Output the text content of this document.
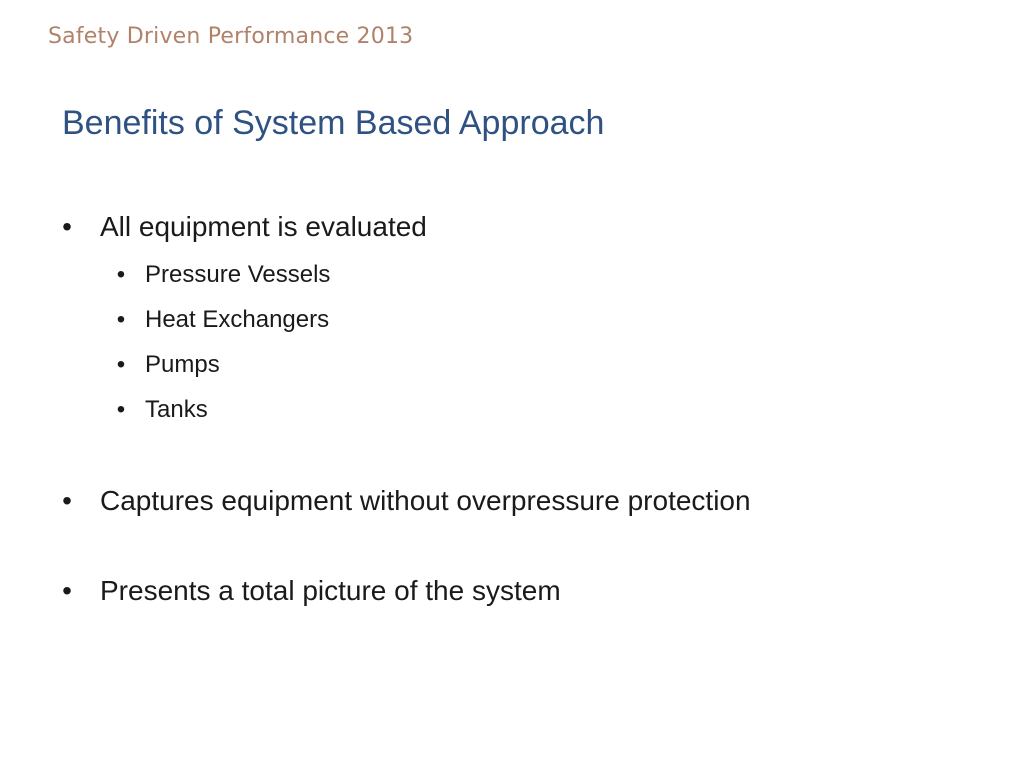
Safety Driven Performance 2013
Benefits of System Based Approach
• All equipment is evaluated
• Pressure Vessels
• Heat Exchangers
• Pumps
• Tanks
• Captures equipment without overpressure protection
• Presents a total picture of the system
